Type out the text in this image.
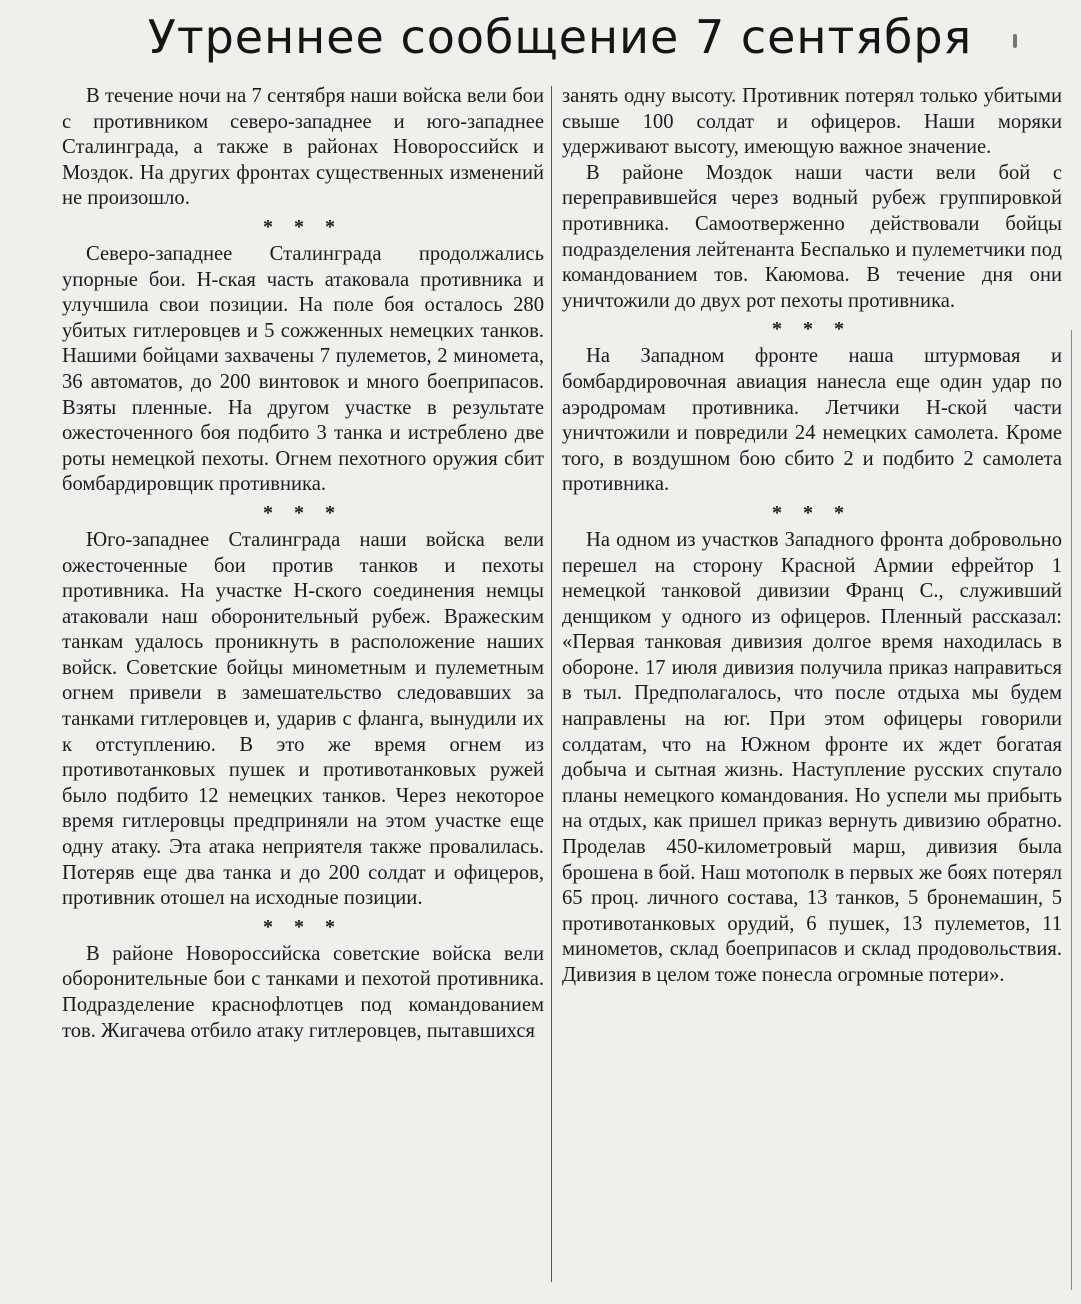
Утреннее сообщение 7 сентября

В течение ночи на 7 сентября наши войска вели бои с противником северо-западнее и юго-западнее Сталинграда, а также в районах Новороссийск и Моздок. На других фронтах существенных изменений не произошло.

* * *

Северо-западнее Сталинграда продолжались упорные бои. Н-ская часть атаковала противника и улучшила свои позиции. На поле боя осталось 280 убитых гитлеровцев и 5 сожженных немецких танков. Нашими бойцами захвачены 7 пулеметов, 2 миномета, 36 автоматов, до 200 винтовок и много боеприпасов. Взяты пленные. На другом участке в результате ожесточенного боя подбито 3 танка и истреблено две роты немецкой пехоты. Огнем пехотного оружия сбит бомбардировщик противника.

* * *

Юго-западнее Сталинграда наши войска вели ожесточенные бои против танков и пехоты противника. На участке Н-ского соединения немцы атаковали наш оборонительный рубеж. Вражеским танкам удалось проникнуть в расположение наших войск. Советские бойцы минометным и пулеметным огнем привели в замешательство следовавших за танками гитлеровцев и, ударив с фланга, вынудили их к отступлению. В это же время огнем из противотанковых пушек и противотанковых ружей было подбито 12 немецких танков. Через некоторое время гитлеровцы предприняли на этом участке еще одну атаку. Эта атака неприятеля также провалилась. Потеряв еще два танка и до 200 солдат и офицеров, противник отошел на исходные позиции.

* * *

В районе Новороссийска советские войска вели оборонительные бои с танками и пехотой противника. Подразделение краснофлотцев под командованием тов. Жигачева отбило атаку гитлеровцев, пытавшихся

занять одну высоту. Противник потерял только убитыми свыше 100 солдат и офицеров. Наши моряки удерживают высоту, имеющую важное значение.

В районе Моздок наши части вели бой с переправившейся через водный рубеж группировкой противника. Самоотверженно действовали бойцы подразделения лейтенанта Беспалько и пулеметчики под командованием тов. Каюмова. В течение дня они уничтожили до двух рот пехоты противника.

* * *

На Западном фронте наша штурмовая и бомбардировочная авиация нанесла еще один удар по аэродромам противника. Летчики Н-ской части уничтожили и повредили 24 немецких самолета. Кроме того, в воздушном бою сбито 2 и подбито 2 самолета противника.

* * *

На одном из участков Западного фронта добровольно перешел на сторону Красной Армии ефрейтор 1 немецкой танковой дивизии Франц С., служивший денщиком у одного из офицеров. Пленный рассказал: «Первая танковая дивизия долгое время находилась в обороне. 17 июля дивизия получила приказ направиться в тыл. Предполагалось, что после отдыха мы будем направлены на юг. При этом офицеры говорили солдатам, что на Южном фронте их ждет богатая добыча и сытная жизнь. Наступление русских спутало планы немецкого командования. Но успели мы прибыть на отдых, как пришел приказ вернуть дивизию обратно. Проделав 450-километровый марш, дивизия была брошена в бой. Наш мотополк в первых же боях потерял 65 проц. личного состава, 13 танков, 5 бронемашин, 5 противотанковых орудий, 6 пушек, 13 пулеметов, 11 минометов, склад боеприпасов и склад продовольствия. Дивизия в целом тоже понесла огромные потери».
